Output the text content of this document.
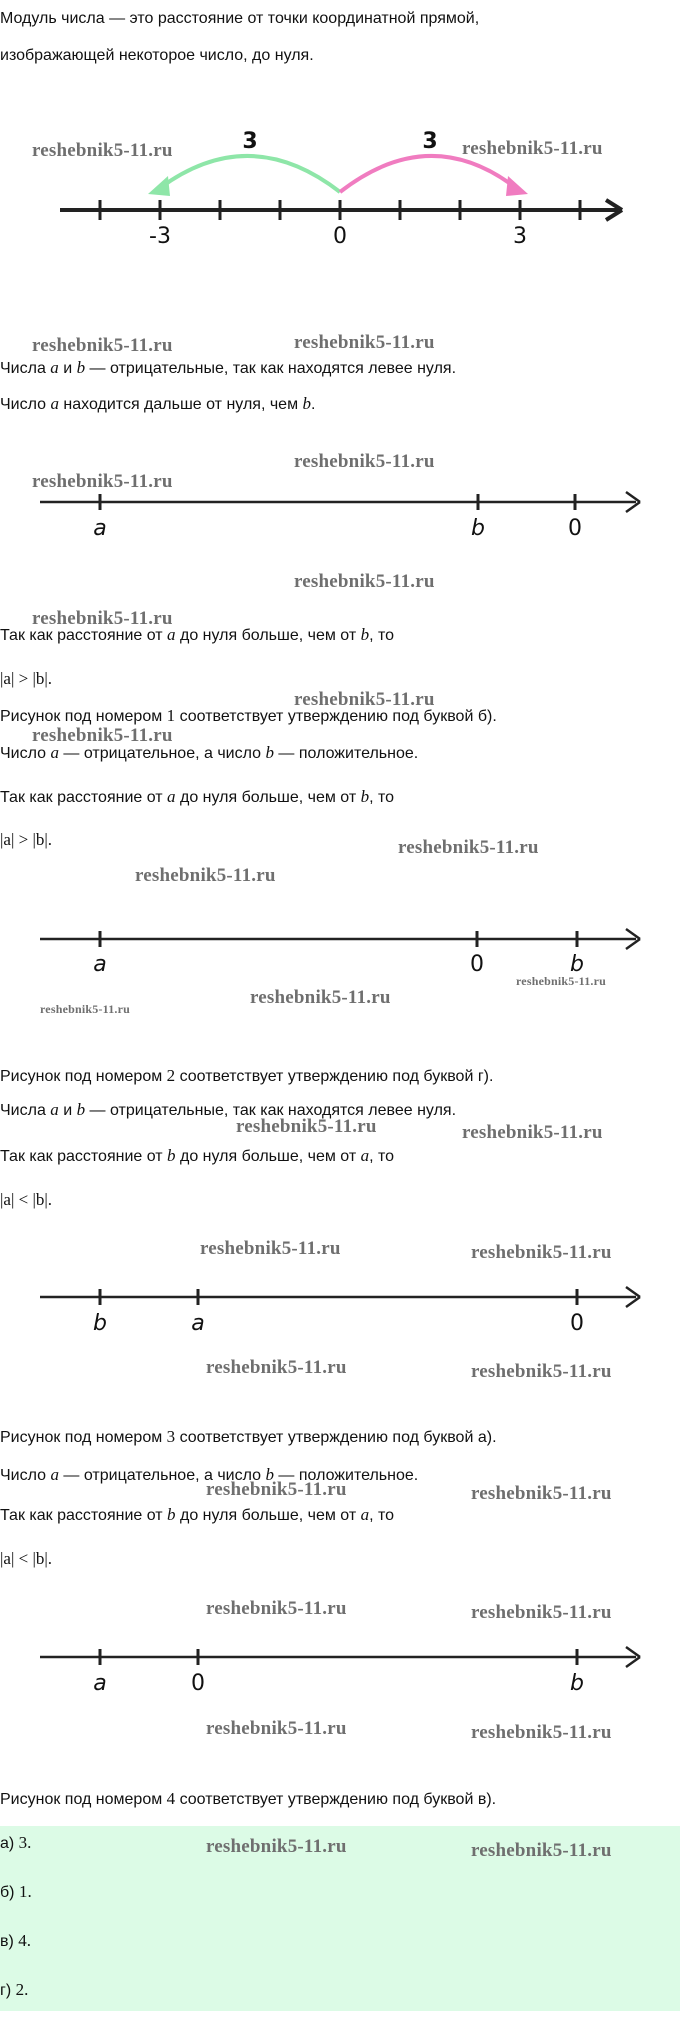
Модуль числа — это расстояние от точки координатной прямой,
изображающей некоторое число, до нуля.
3	3
-3	0	3
Числа a и b — отрицательные, так как находятся левее нуля.
Число a находится дальше от нуля, чем b.
a	b	0
Так как расстояние от a до нуля больше, чем от b, то
|a| > |b|.
Рисунок под номером 1 соответствует утверждению под буквой б).
Число a — отрицательное, а число b — положительное.
Так как расстояние от a до нуля больше, чем от b, то
|a| > |b|.
a	0	b
Рисунок под номером 2 соответствует утверждению под буквой г).
Числа a и b — отрицательные, так как находятся левее нуля.
Так как расстояние от b до нуля больше, чем от a, то
|a| < |b|.
b	a	0
Рисунок под номером 3 соответствует утверждению под буквой а).
Число a — отрицательное, а число b — положительное.
Так как расстояние от b до нуля больше, чем от a, то
|a| < |b|.
a	0	b
Рисунок под номером 4 соответствует утверждению под буквой в).
а) 3.
б) 1.
в) 4.
г) 2.
reshebnik5-11.ru	reshebnik5-11.ru
reshebnik5-11.ru	reshebnik5-11.ru
reshebnik5-11.ru
reshebnik5-11.ru
reshebnik5-11.ru
reshebnik5-11.ru
reshebnik5-11.ru
reshebnik5-11.ru
reshebnik5-11.ru
reshebnik5-11.ru
reshebnik5-11.ru
reshebnik5-11.ru
reshebnik5-11.ru
reshebnik5-11.ru	reshebnik5-11.ru
reshebnik5-11.ru	reshebnik5-11.ru
reshebnik5-11.ru	reshebnik5-11.ru
reshebnik5-11.ru	reshebnik5-11.ru
reshebnik5-11.ru	reshebnik5-11.ru
reshebnik5-11.ru	reshebnik5-11.ru
reshebnik5-11.ru	reshebnik5-11.ru
